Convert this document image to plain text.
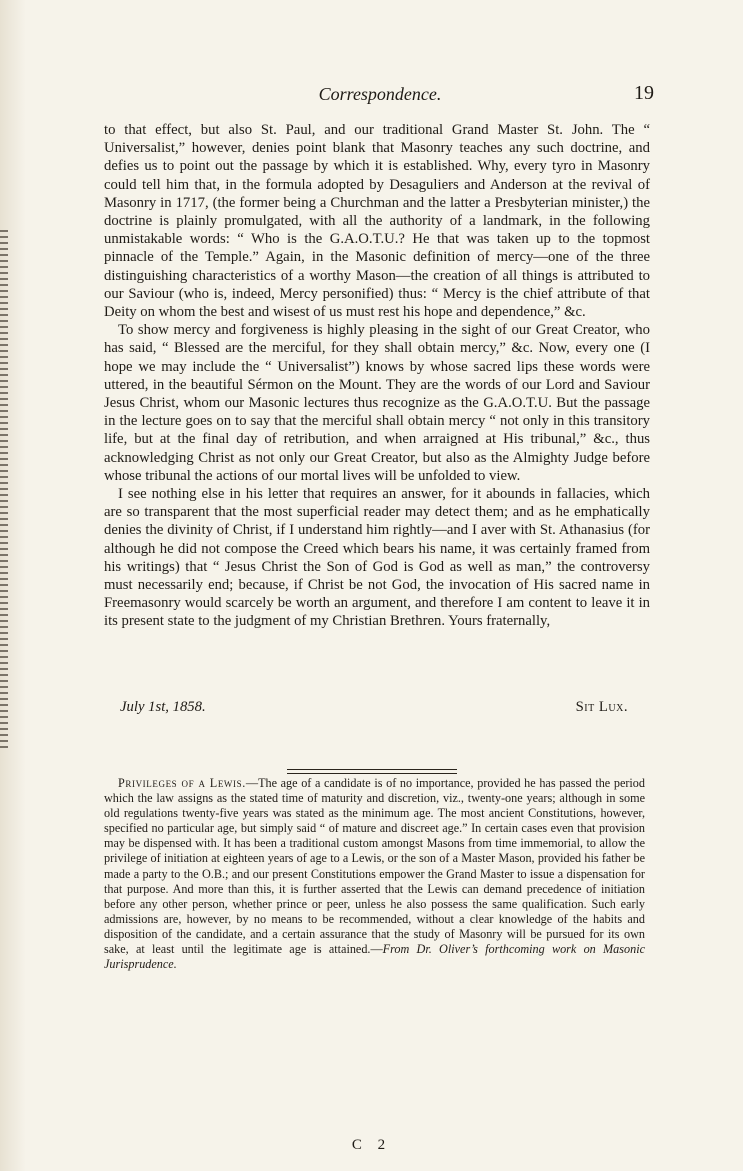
Correspondence.	19

to that effect, but also St. Paul, and our traditional Grand Master St. John. The “ Universalist,” however, denies point blank that Masonry teaches any such doctrine, and defies us to point out the passage by which it is established. Why, every tyro in Masonry could tell him that, in the formula adopted by Desaguliers and Anderson at the revival of Masonry in 1717, (the former being a Churchman and the latter a Presbyterian minister,) the doctrine is plainly promulgated, with all the authority of a landmark, in the following unmistakable words: “ Who is the G.A.O.T.U.? He that was taken up to the topmost pinnacle of the Temple.” Again, in the Masonic definition of mercy—one of the three distinguishing characteristics of a worthy Mason—the creation of all things is attributed to our Saviour (who is, indeed, Mercy personified) thus: “ Mercy is the chief attribute of that Deity on whom the best and wisest of us must rest his hope and dependence,” &c.

To show mercy and forgiveness is highly pleasing in the sight of our Great Creator, who has said, “ Blessed are the merciful, for they shall obtain mercy,” &c. Now, every one (I hope we may include the “ Universalist”) knows by whose sacred lips these words were uttered, in the beautiful Sérmon on the Mount. They are the words of our Lord and Saviour Jesus Christ, whom our Masonic lectures thus recognize as the G.A.O.T.U. But the passage in the lecture goes on to say that the merciful shall obtain mercy “ not only in this transitory life, but at the final day of retribution, and when arraigned at His tribunal,” &c., thus acknowledging Christ as not only our Great Creator, but also as the Almighty Judge before whose tribunal the actions of our mortal lives will be unfolded to view.

I see nothing else in his letter that requires an answer, for it abounds in fallacies, which are so transparent that the most superficial reader may detect them; and as he emphatically denies the divinity of Christ, if I understand him rightly—and I aver with St. Athanasius (for although he did not compose the Creed which bears his name, it was certainly framed from his writings) that “ Jesus Christ the Son of God is God as well as man,” the controversy must necessarily end; because, if Christ be not God, the invocation of His sacred name in Freemasonry would scarcely be worth an argument, and therefore I am content to leave it in its present state to the judgment of my Christian Brethren. Yours fraternally,

July 1st, 1858.	Sit Lux.
Privileges of a Lewis.—The age of a candidate is of no importance, provided he has passed the period which the law assigns as the stated time of maturity and discretion, viz., twenty-one years; although in some old regulations twenty-five years was stated as the minimum age. The most ancient Constitutions, however, specified no particular age, but simply said “ of mature and discreet age.” In certain cases even that provision may be dispensed with. It has been a traditional custom amongst Masons from time immemorial, to allow the privilege of initiation at eighteen years of age to a Lewis, or the son of a Master Mason, provided his father be made a party to the O.B.; and our present Constitutions empower the Grand Master to issue a dispensation for that purpose. And more than this, it is further asserted that the Lewis can demand precedence of initiation before any other person, whether prince or peer, unless he also possess the same qualification. Such early admissions are, however, by no means to be recommended, without a clear knowledge of the habits and disposition of the candidate, and a certain assurance that the study of Masonry will be pursued for its own sake, at least until the legitimate age is attained.—From Dr. Oliver’s forthcoming work on Masonic Jurisprudence.
C 2
